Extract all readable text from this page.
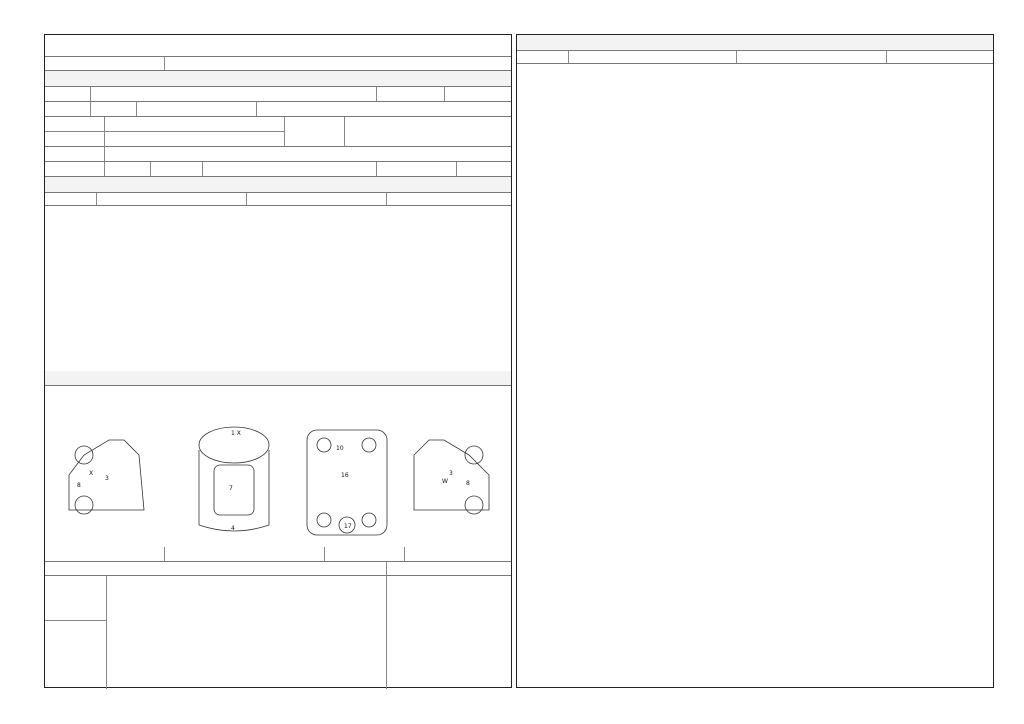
1 X
7
4
10
16
17
X
3
8
3
W	8
